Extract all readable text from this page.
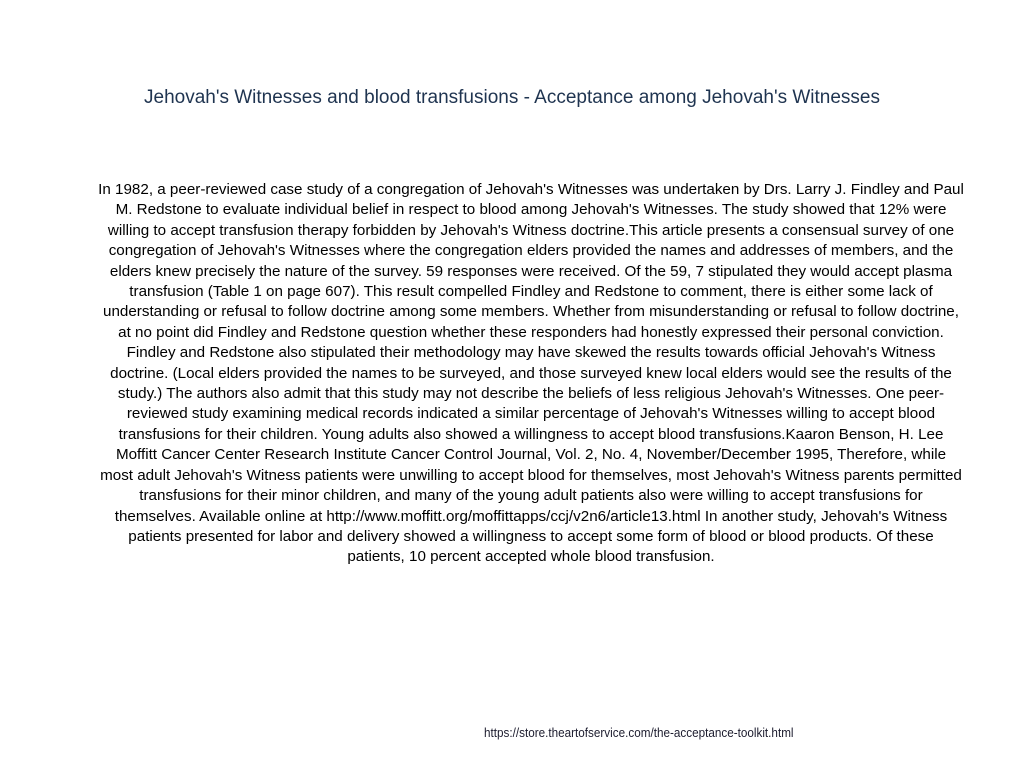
Jehovah's Witnesses and blood transfusions - Acceptance among Jehovah's Witnesses
In 1982, a peer-reviewed case study of a congregation of Jehovah's Witnesses was undertaken by Drs. Larry J. Findley and Paul M. Redstone to evaluate individual belief in respect to blood among Jehovah's Witnesses. The study showed that 12% were willing to accept transfusion therapy forbidden by Jehovah's Witness doctrine.This article presents a consensual survey of one congregation of Jehovah's Witnesses where the congregation elders provided the names and addresses of members, and the elders knew precisely the nature of the survey. 59 responses were received. Of the 59, 7 stipulated they would accept plasma transfusion (Table 1 on page 607). This result compelled Findley and Redstone to comment, there is either some lack of understanding or refusal to follow doctrine among some members. Whether from misunderstanding or refusal to follow doctrine, at no point did Findley and Redstone question whether these responders had honestly expressed their personal conviction. Findley and Redstone also stipulated their methodology may have skewed the results towards official Jehovah's Witness doctrine. (Local elders provided the names to be surveyed, and those surveyed knew local elders would see the results of the study.) The authors also admit that this study may not describe the beliefs of less religious Jehovah's Witnesses. One peer-reviewed study examining medical records indicated a similar percentage of Jehovah's Witnesses willing to accept blood transfusions for their children. Young adults also showed a willingness to accept blood transfusions.Kaaron Benson, H. Lee Moffitt Cancer Center Research Institute Cancer Control Journal, Vol. 2, No. 4, November/December 1995, Therefore, while most adult Jehovah's Witness patients were unwilling to accept blood for themselves, most Jehovah's Witness parents permitted transfusions for their minor children, and many of the young adult patients also were willing to accept transfusions for themselves. Available online at http://www.moffitt.org/moffittapps/ccj/v2n6/article13.html In another study, Jehovah's Witness patients presented for labor and delivery showed a willingness to accept some form of blood or blood products. Of these patients, 10 percent accepted whole blood transfusion.
https://store.theartofservice.com/the-acceptance-toolkit.html
